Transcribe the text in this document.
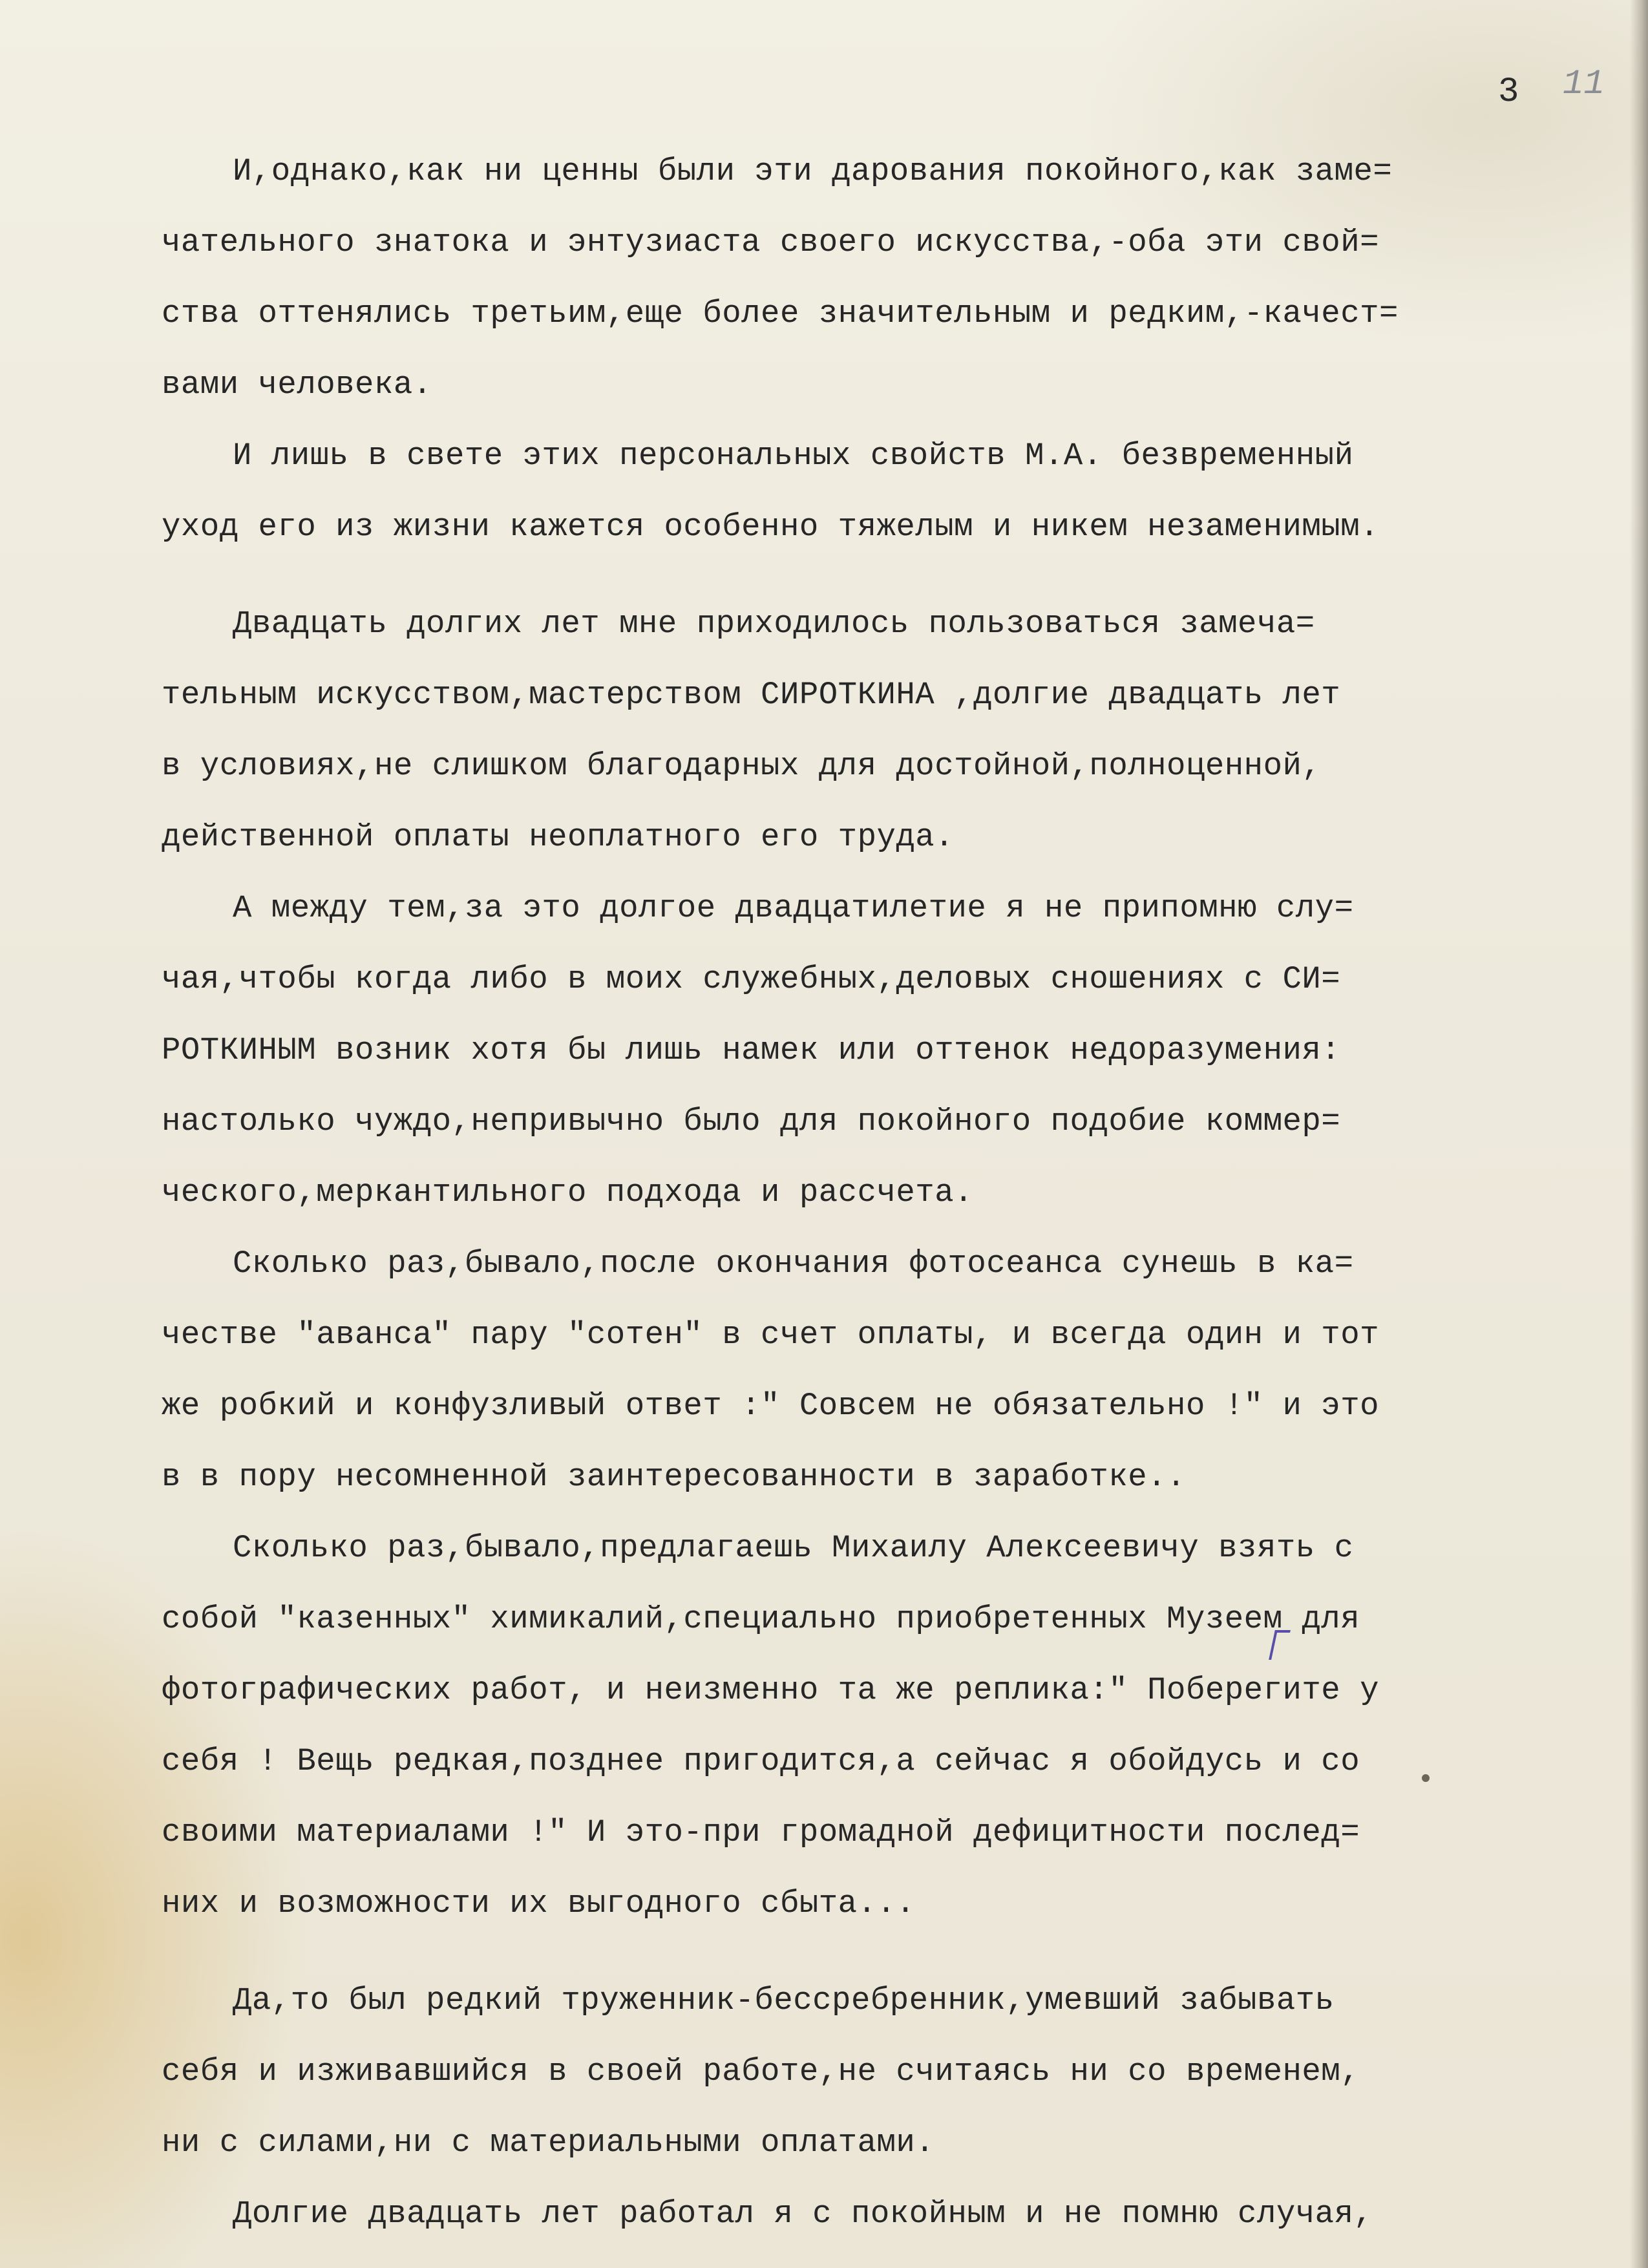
3 11
И,однако,как ни ценны были эти дарования покойного,как заме=
чательного знатока и энтузиаста своего искусства,-оба эти свой=
ства оттенялись третьим,еще более значительным и редким,-качест=
вами человека.
И лишь в свете этих персональных свойств М.А. безвременный
уход его из жизни кажется особенно тяжелым и никем незаменимым.
Двадцать долгих лет мне приходилось пользоваться замеча=
тельным искусством,мастерством СИРОТКИНА ,долгие двадцать лет
в условиях,не слишком благодарных для достойной,полноценной,
действенной оплаты неоплатного его труда.
А между тем,за это долгое двадцатилетие я не припомню слу=
чая,чтобы когда либо в моих служебных,деловых сношениях с СИ=
РОТКИНЫМ возник хотя бы лишь намек или оттенок недоразумения:
настолько чуждо,непривычно было для покойного подобие коммер=
ческого,меркантильного подхода и рассчета.
Сколько раз,бывало,после окончания фотосеанса сунешь в ка=
честве "аванса" пару "сотен" в счет оплаты, и всегда один и тот
же робкий и конфузливый ответ :" Совсем не обязательно !" и это
в в пору несомненной заинтересованности в заработке..
Сколько раз,бывало,предлагаешь Михаилу Алексеевичу взять с
собой "казенных" химикалий,специально приобретенных Музеем для
фотографических работ, и неизменно та же реплика:" Поберегите у
себя ! Вещь редкая,позднее пригодится,а сейчас я обойдусь и со
своими материалами !" И это-при громадной дефицитности послед=
них и возможности их выгодного сбыта...
Да,то был редкий труженник-бессребренник,умевший забывать
себя и изживавшийся в своей работе,не считаясь ни со временем,
ни с силами,ни с материальными оплатами.
Долгие двадцать лет работал я с покойным и не помню случая,
